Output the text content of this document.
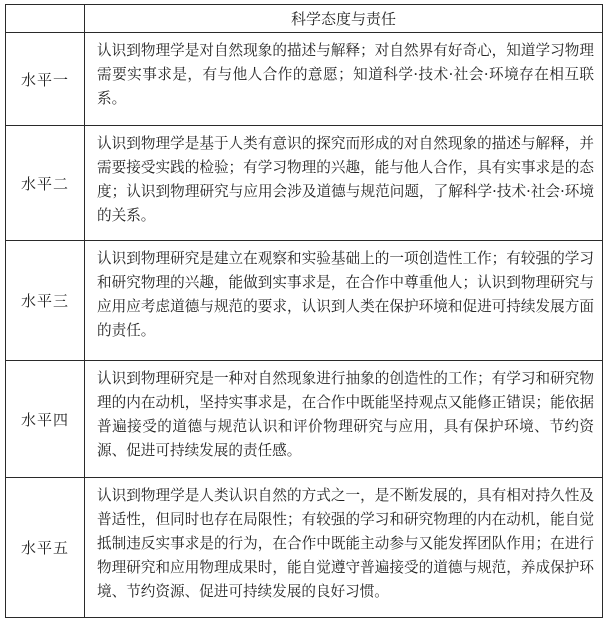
	科学态度与责任
水平一	认识到物理学是对自然现象的描述与解释；对自然界有好奇心，知道学习物理需要实事求是，有与他人合作的意愿；知道科学·技术·社会·环境存在相互联系。
水平二	认识到物理学是基于人类有意识的探究而形成的对自然现象的描述与解释，并需要接受实践的检验；有学习物理的兴趣，能与他人合作，具有实事求是的态度；认识到物理研究与应用会涉及道德与规范问题，了解科学·技术·社会·环境的关系。
水平三	认识到物理研究是建立在观察和实验基础上的一项创造性工作；有较强的学习和研究物理的兴趣，能做到实事求是，在合作中尊重他人；认识到物理研究与应用应考虑道德与规范的要求，认识到人类在保护环境和促进可持续发展方面的责任。
水平四	认识到物理研究是一种对自然现象进行抽象的创造性的工作；有学习和研究物理的内在动机，坚持实事求是，在合作中既能坚持观点又能修正错误；能依据普遍接受的道德与规范认识和评价物理研究与应用，具有保护环境、节约资源、促进可持续发展的责任感。
水平五	认识到物理学是人类认识自然的方式之一，是不断发展的，具有相对持久性及普适性，但同时也存在局限性；有较强的学习和研究物理的内在动机，能自觉抵制违反实事求是的行为，在合作中既能主动参与又能发挥团队作用；在进行物理研究和应用物理成果时，能自觉遵守普遍接受的道德与规范，养成保护环境、节约资源、促进可持续发展的良好习惯。
